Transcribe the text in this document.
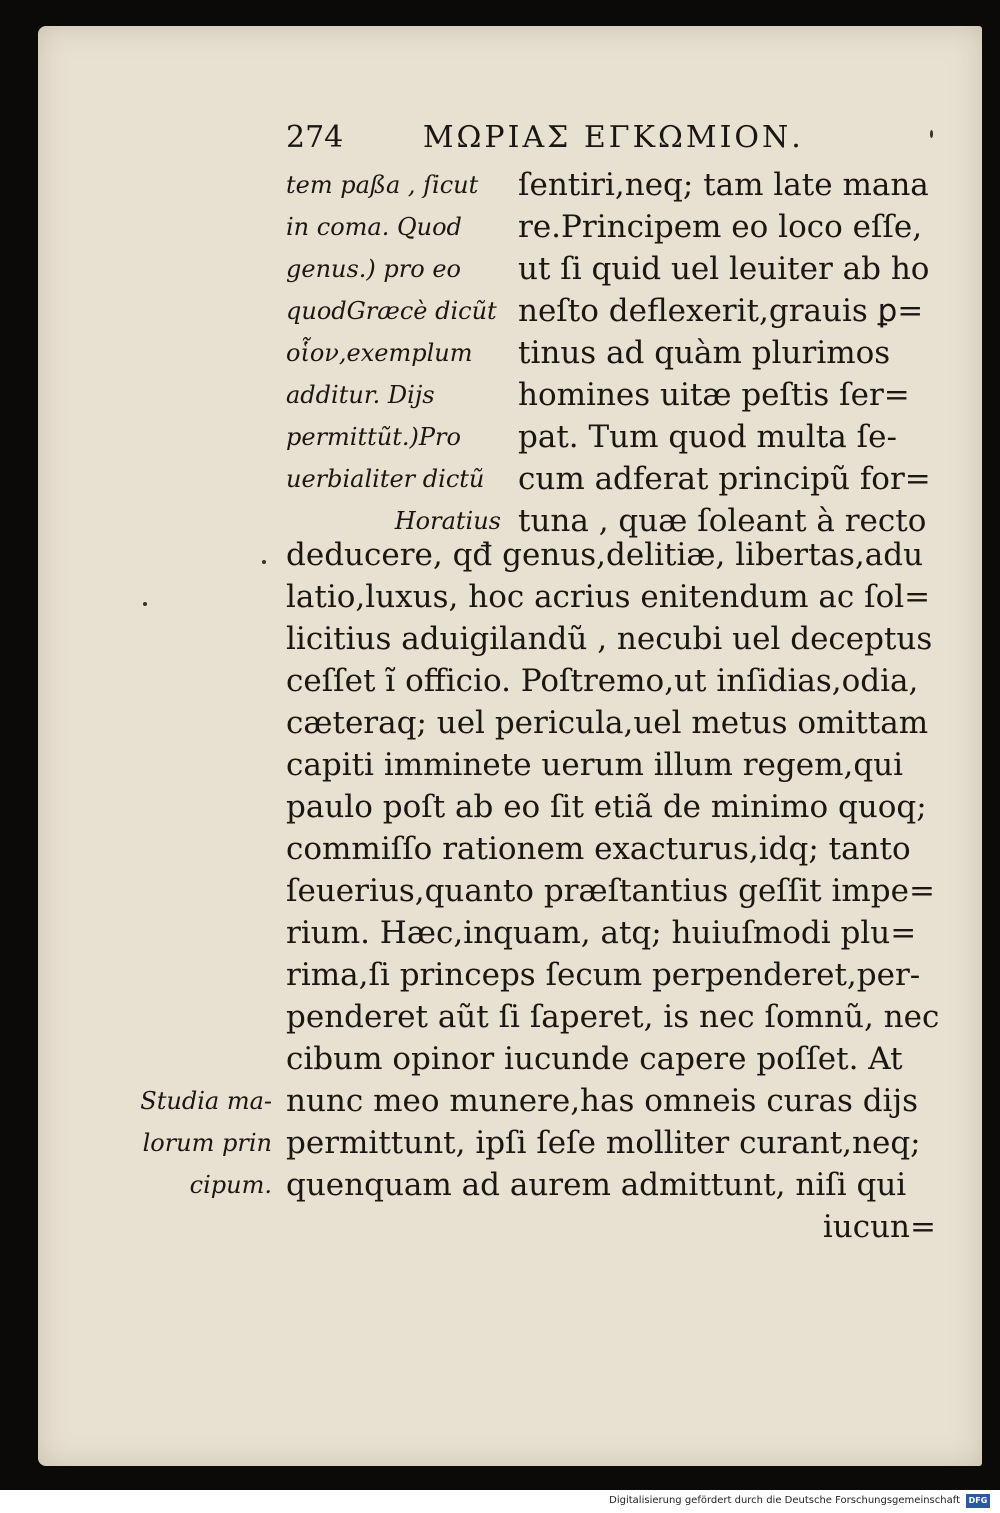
274	ΜΩΡΙΑΣ ΕΓΚΩΜΙΟΝ.
tem paßa , ſicut
in coma. Quod
genus.) pro eo
quodGræcè dicũt
οἷον,exemplum
additur. Dijs
permittũt.)Pro
uerbialiter dictũ
Horatius
ſentiri,neq; tam late mana
re.Principem eo loco eſſe,
ut ſi quid uel leuiter ab ho
neſto deflexerit,grauis ꝑ=
tinus ad quàm plurimos
homines uitæ peſtis ſer=
pat. Tum quod multa ſe-
cum adferat principũ for=
tuna , quæ ſoleant à recto
deducere, qđ genus,delitiæ, libertas,adu
latio,luxus, hoc acrius enitendum ac ſol=
licitius aduigilandũ , necubi uel deceptus
ceſſet ĩ officio. Poſtremo,ut inſidias,odia,
cæteraq; uel pericula,uel metus omittam
capiti imminete uerum illum regem,qui
paulo poſt ab eo ſit etiã de minimo quoq;
commiſſo rationem exacturus,idq; tanto
ſeuerius,quanto præſtantius geſſit impe=
rium. Hæc,inquam, atq; huiuſmodi plu=
rima,ſi princeps ſecum perpenderet,per-
penderet aũt ſi ſaperet, is nec ſomnũ, nec
cibum opinor iucunde capere poſſet. At
nunc meo munere,has omneis curas dijs
permittunt, ipſi ſeſe molliter curant,neq;
quenquam ad aurem admittunt, niſi qui
iucun=
Studia ma-
lorum prin
cipum.
Digitalisierung gefördert durch die Deutsche Forschungsgemeinschaft	DFG
